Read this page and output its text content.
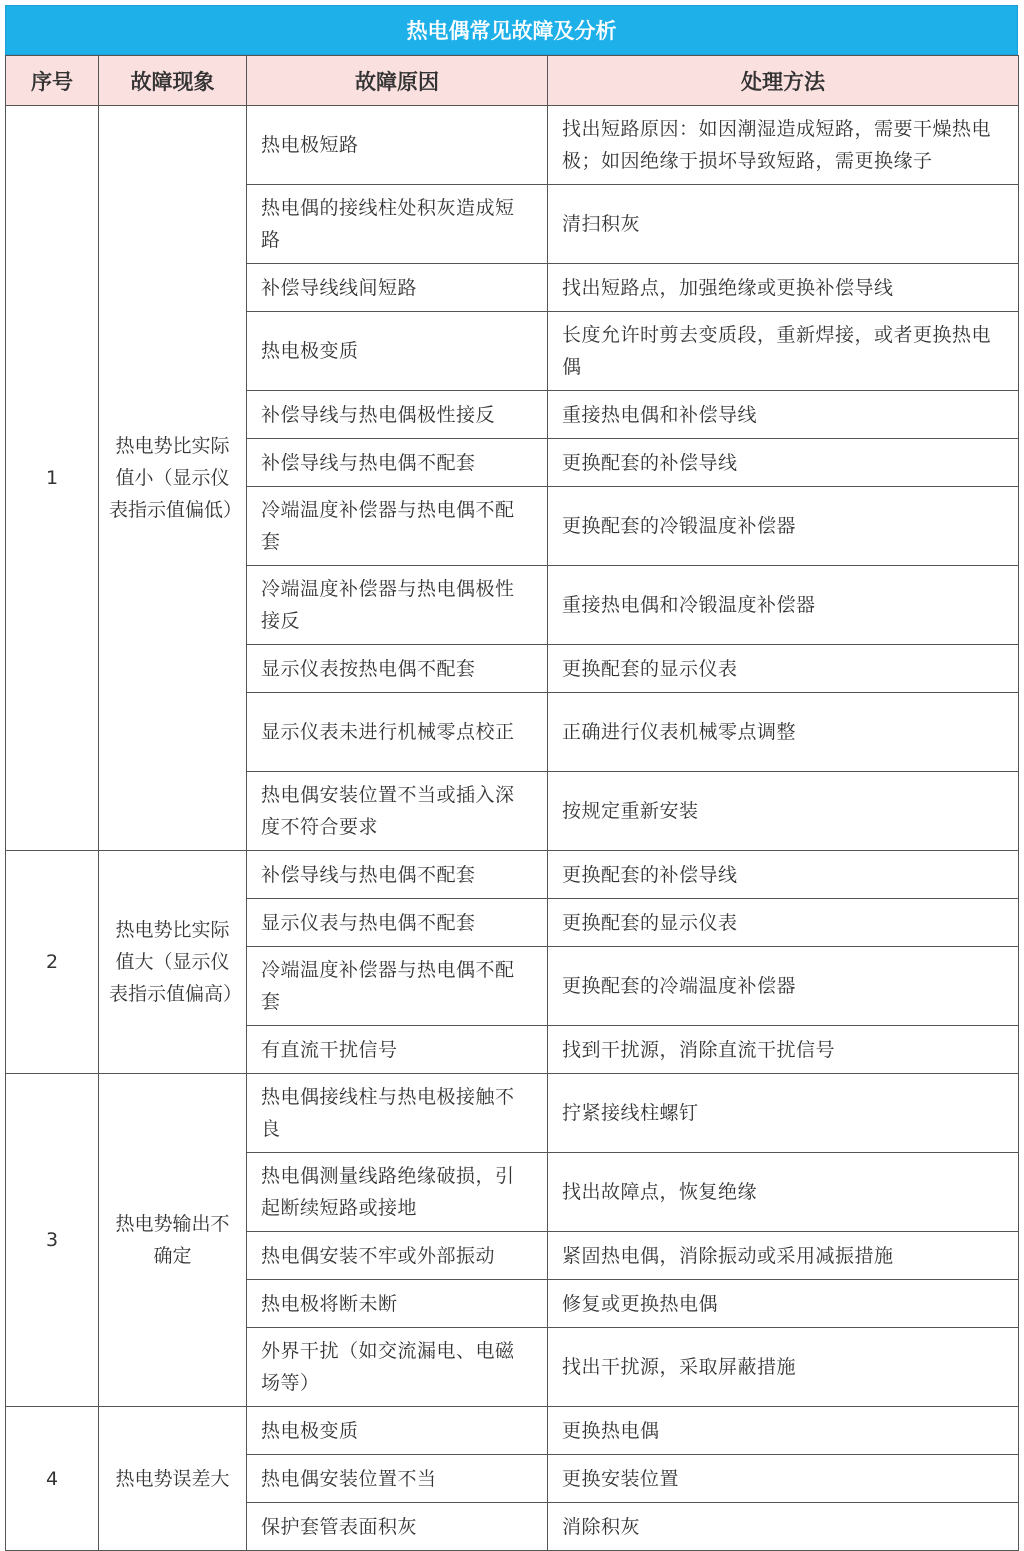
热电偶常见故障及分析
序号	故障现象	故障原因	处理方法
1	热电势比实际值小（显示仪表指示值偏低）	热电极短路	找出短路原因：如因潮湿造成短路，需要干燥热电极；如因绝缘于损坏导致短路，需更换缘子
		热电偶的接线柱处积灰造成短路	清扫积灰
		补偿导线线间短路	找出短路点，加强绝缘或更换补偿导线
		热电极变质	长度允许时剪去变质段，重新焊接，或者更换热电偶
		补偿导线与热电偶极性接反	重接热电偶和补偿导线
		补偿导线与热电偶不配套	更换配套的补偿导线
		冷端温度补偿器与热电偶不配套	更换配套的冷锻温度补偿器
		冷端温度补偿器与热电偶极性接反	重接热电偶和冷锻温度补偿器
		显示仪表按热电偶不配套	更换配套的显示仪表
		显示仪表未进行机械零点校正	正确进行仪表机械零点调整
		热电偶安装位置不当或插入深度不符合要求	按规定重新安装
2	热电势比实际值大（显示仪表指示值偏高）	补偿导线与热电偶不配套	更换配套的补偿导线
		显示仪表与热电偶不配套	更换配套的显示仪表
		冷端温度补偿器与热电偶不配套	更换配套的冷端温度补偿器
		有直流干扰信号	找到干扰源，消除直流干扰信号
3	热电势输出不确定	热电偶接线柱与热电极接触不良	拧紧接线柱螺钉
		热电偶测量线路绝缘破损，引起断续短路或接地	找出故障点，恢复绝缘
		热电偶安装不牢或外部振动	紧固热电偶，消除振动或采用减振措施
		热电极将断未断	修复或更换热电偶
		外界干扰（如交流漏电、电磁场等）	找出干扰源，采取屏蔽措施
4	热电势误差大	热电极变质	更换热电偶
		热电偶安装位置不当	更换安装位置
		保护套管表面积灰	消除积灰
